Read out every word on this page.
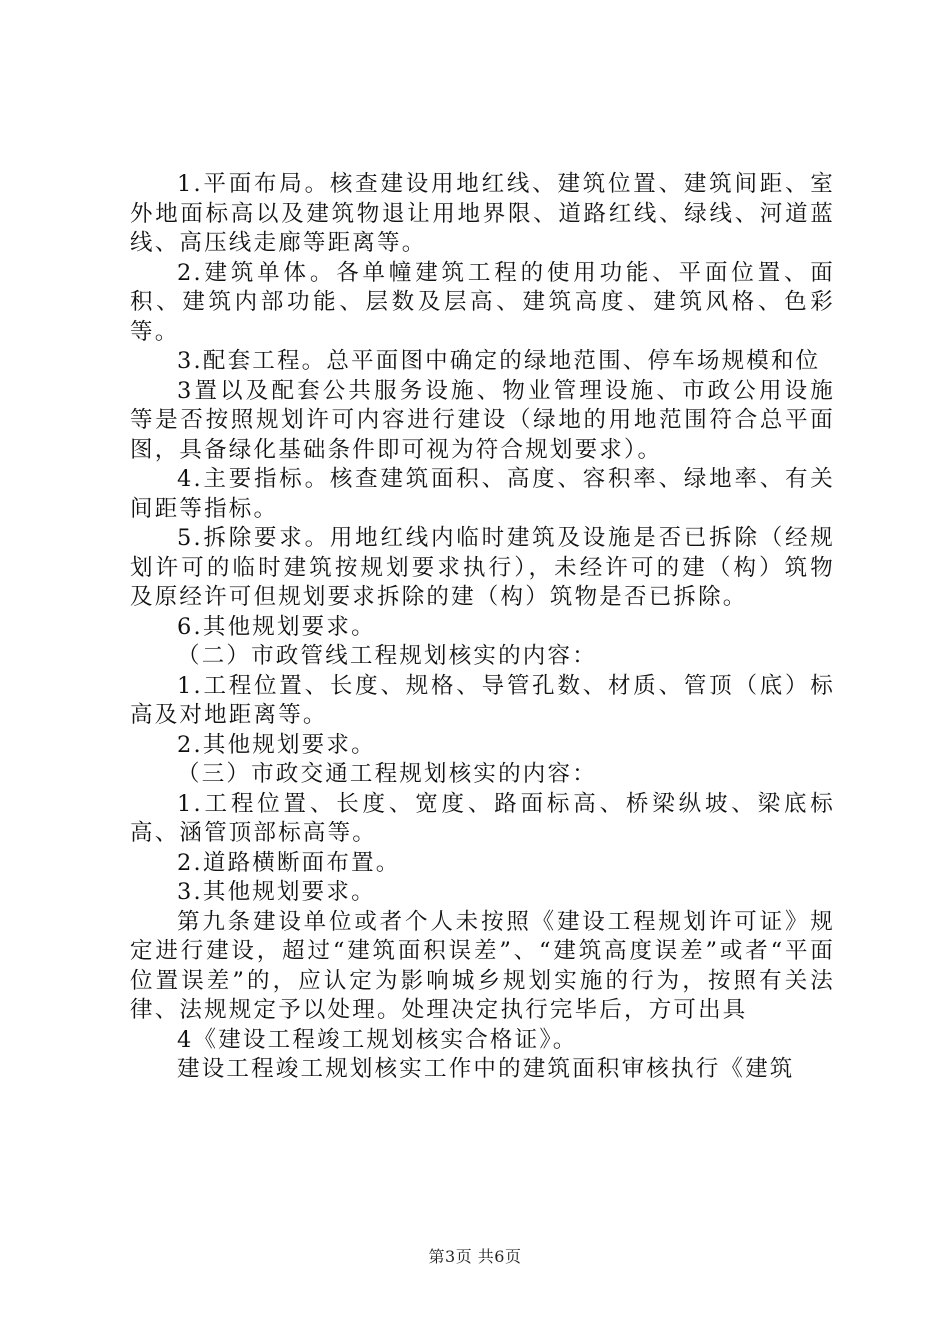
1.平面布局。核查建设用地红线、建筑位置、建筑间距、室外地面标高以及建筑物退让用地界限、道路红线、绿线、河道蓝线、高压线走廊等距离等。

2.建筑单体。各单幢建筑工程的使用功能、平面位置、面积、建筑内部功能、层数及层高、建筑高度、建筑风格、色彩等。

3.配套工程。总平面图中确定的绿地范围、停车场规模和位

3置以及配套公共服务设施、物业管理设施、市政公用设施等是否按照规划许可内容进行建设（绿地的用地范围符合总平面图，具备绿化基础条件即可视为符合规划要求）。

4.主要指标。核查建筑面积、高度、容积率、绿地率、有关间距等指标。

5.拆除要求。用地红线内临时建筑及设施是否已拆除（经规划许可的临时建筑按规划要求执行），未经许可的建（构）筑物及原经许可但规划要求拆除的建（构）筑物是否已拆除。

6.其他规划要求。

（二）市政管线工程规划核实的内容：

1.工程位置、长度、规格、导管孔数、材质、管顶（底）标高及对地距离等。

2.其他规划要求。

（三）市政交通工程规划核实的内容：

1.工程位置、长度、宽度、路面标高、桥梁纵坡、梁底标高、涵管顶部标高等。

2.道路横断面布置。

3.其他规划要求。

第九条建设单位或者个人未按照《建设工程规划许可证》规定进行建设，超过“建筑面积误差”、“建筑高度误差”或者“平面位置误差”的，应认定为影响城乡规划实施的行为，按照有关法律、法规规定予以处理。处理决定执行完毕后，方可出具

4《建设工程竣工规划核实合格证》。

建设工程竣工规划核实工作中的建筑面积审核执行《建筑

第3页 共6页
